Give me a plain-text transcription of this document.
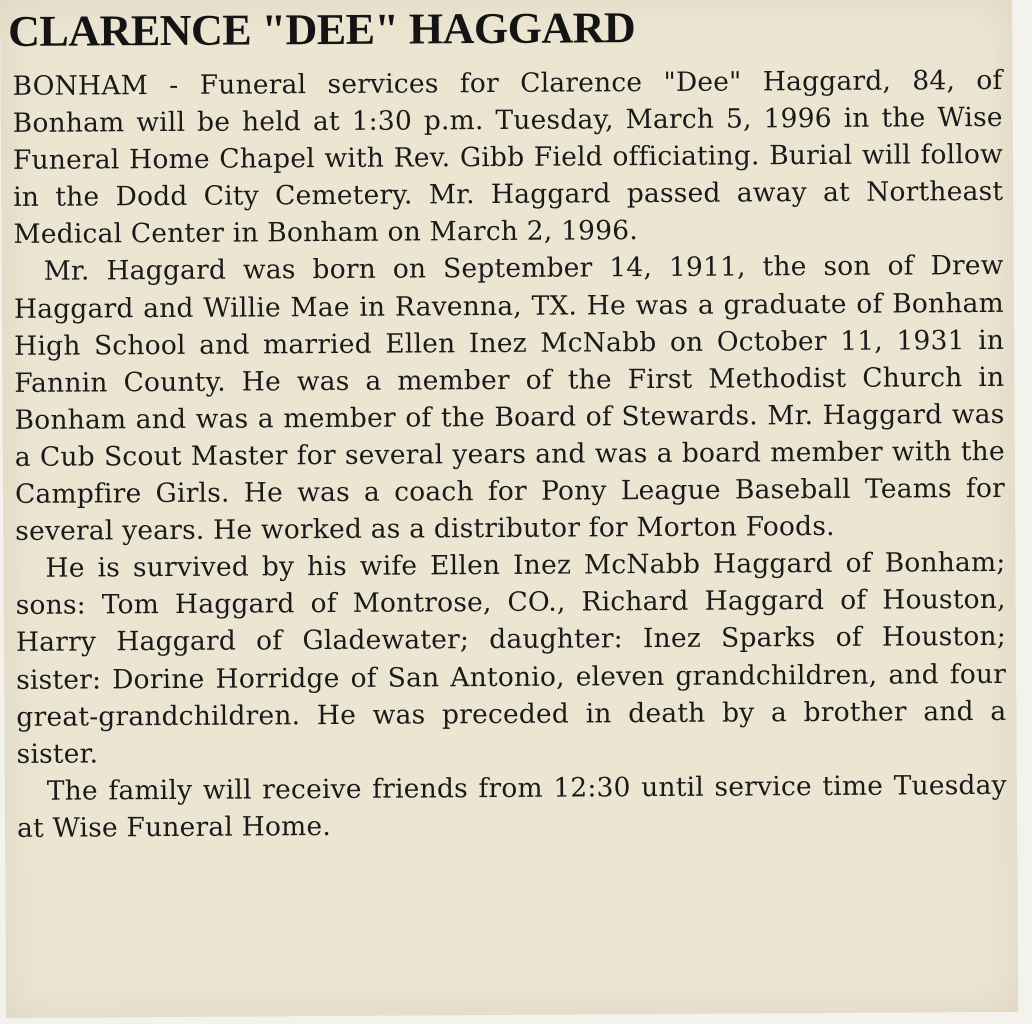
CLARENCE "DEE" HAGGARD

BONHAM - Funeral services for Clarence "Dee" Haggard, 84, of Bonham will be held at 1:30 p.m. Tuesday, March 5, 1996 in the Wise Funeral Home Chapel with Rev. Gibb Field officiating. Burial will follow in the Dodd City Cemetery. Mr. Haggard passed away at Northeast Medical Center in Bonham on March 2, 1996.

Mr. Haggard was born on September 14, 1911, the son of Drew Haggard and Willie Mae in Ravenna, TX. He was a graduate of Bonham High School and married Ellen Inez McNabb on October 11, 1931 in Fannin County. He was a member of the First Methodist Church in Bonham and was a member of the Board of Stewards. Mr. Haggard was a Cub Scout Master for several years and was a board member with the Campfire Girls. He was a coach for Pony League Baseball Teams for several years. He worked as a distributor for Morton Foods.

He is survived by his wife Ellen Inez McNabb Haggard of Bonham; sons: Tom Haggard of Montrose, CO., Richard Haggard of Houston, Harry Haggard of Gladewater; daughter: Inez Sparks of Houston; sister: Dorine Horridge of San Antonio, eleven grandchildren, and four great-grandchildren. He was preceded in death by a brother and a sister.

The family will receive friends from 12:30 until service time Tuesday at Wise Funeral Home.
